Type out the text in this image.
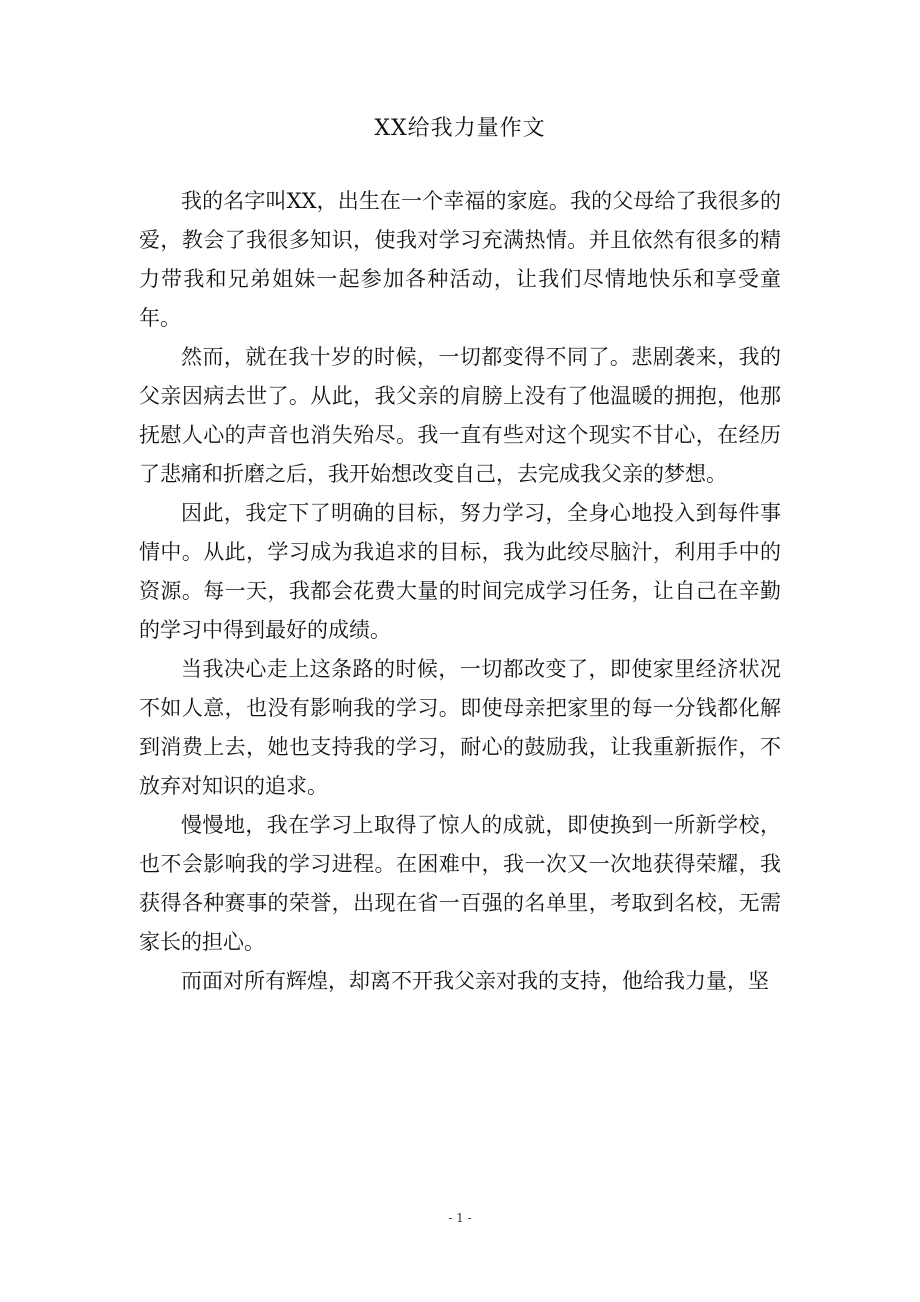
XX给我力量作文

我的名字叫XX，出生在一个幸福的家庭。我的父母给了我很多的爱，教会了我很多知识，使我对学习充满热情。并且依然有很多的精力带我和兄弟姐妹一起参加各种活动，让我们尽情地快乐和享受童年。

然而，就在我十岁的时候，一切都变得不同了。悲剧袭来，我的父亲因病去世了。从此，我父亲的肩膀上没有了他温暖的拥抱，他那抚慰人心的声音也消失殆尽。我一直有些对这个现实不甘心，在经历了悲痛和折磨之后，我开始想改变自己，去完成我父亲的梦想。

因此，我定下了明确的目标，努力学习，全身心地投入到每件事情中。从此，学习成为我追求的目标，我为此绞尽脑汁，利用手中的资源。每一天，我都会花费大量的时间完成学习任务，让自己在辛勤的学习中得到最好的成绩。

当我决心走上这条路的时候，一切都改变了，即使家里经济状况不如人意，也没有影响我的学习。即使母亲把家里的每一分钱都化解到消费上去，她也支持我的学习，耐心的鼓励我，让我重新振作，不放弃对知识的追求。

慢慢地，我在学习上取得了惊人的成就，即使换到一所新学校，也不会影响我的学习进程。在困难中，我一次又一次地获得荣耀，我获得各种赛事的荣誉，出现在省一百强的名单里，考取到名校，无需家长的担心。

而面对所有辉煌，却离不开我父亲对我的支持，他给我力量，坚

- 1 -
